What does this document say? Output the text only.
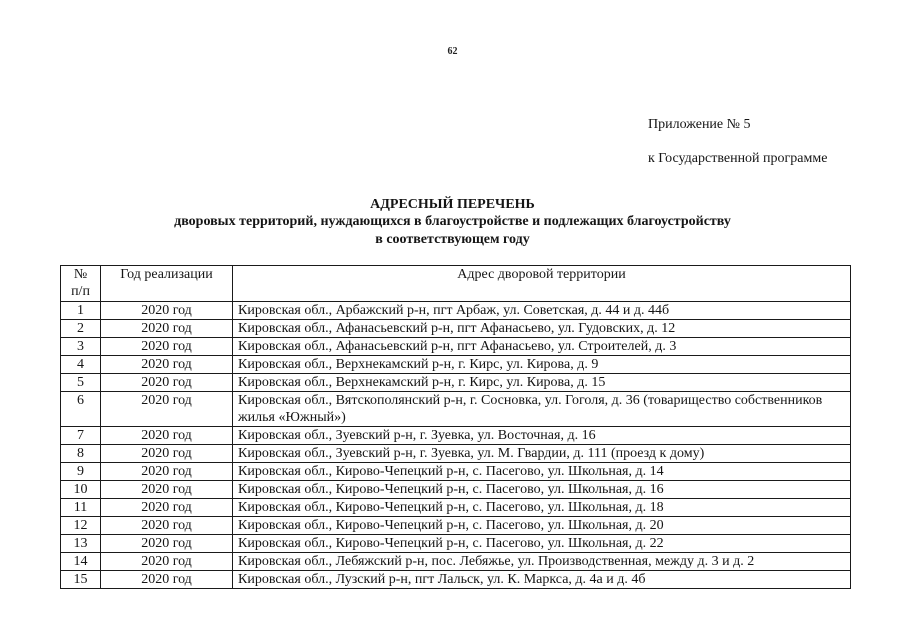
62
Приложение № 5
к Государственной программе
АДРЕСНЫЙ ПЕРЕЧЕНЬ
дворовых территорий, нуждающихся в благоустройстве и подлежащих благоустройству
в соответствующем году
№
п/п	Год реализации	Адрес дворовой территории
1	2020 год	Кировская обл., Арбажский р-н, пгт Арбаж, ул. Советская, д. 44 и д. 44б
2	2020 год	Кировская обл., Афанасьевский р-н, пгт Афанасьево, ул. Гудовских, д. 12
3	2020 год	Кировская обл., Афанасьевский р-н, пгт Афанасьево, ул. Строителей, д. 3
4	2020 год	Кировская обл., Верхнекамский р-н, г. Кирс, ул. Кирова, д. 9
5	2020 год	Кировская обл., Верхнекамский р-н, г. Кирс, ул. Кирова, д. 15
6	2020 год	Кировская обл., Вятскополянский р-н, г. Сосновка, ул. Гоголя, д. 36 (товарищество собственников жилья «Южный»)
7	2020 год	Кировская обл., Зуевский р-н, г. Зуевка, ул. Восточная, д. 16
8	2020 год	Кировская обл., Зуевский р-н, г. Зуевка, ул. М. Гвардии, д. 111 (проезд к дому)
9	2020 год	Кировская обл., Кирово-Чепецкий р-н, с. Пасегово, ул. Школьная, д. 14
10	2020 год	Кировская обл., Кирово-Чепецкий р-н, с. Пасегово, ул. Школьная, д. 16
11	2020 год	Кировская обл., Кирово-Чепецкий р-н, с. Пасегово, ул. Школьная, д. 18
12	2020 год	Кировская обл., Кирово-Чепецкий р-н, с. Пасегово, ул. Школьная, д. 20
13	2020 год	Кировская обл., Кирово-Чепецкий р-н, с. Пасегово, ул. Школьная, д. 22
14	2020 год	Кировская обл., Лебяжский р-н, пос. Лебяжье, ул. Производственная, между д. 3 и д. 2
15	2020 год	Кировская обл., Лузский р-н, пгт Лальск, ул. К. Маркса, д. 4а и д. 4б
